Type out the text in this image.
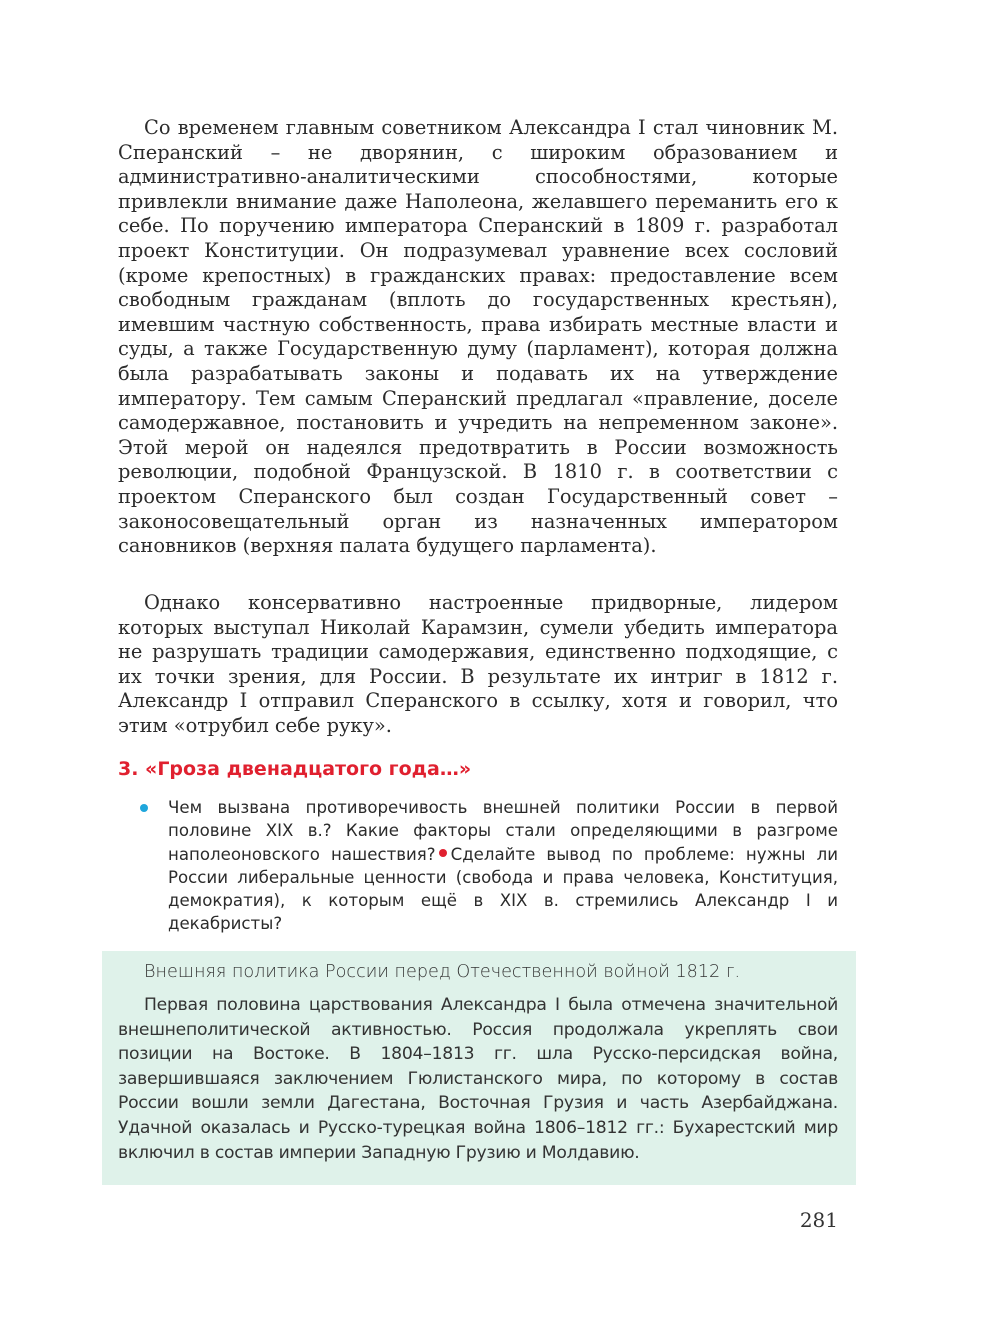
Со временем главным советником Александра I стал чиновник М. Сперанский – не дворянин, с широким образованием и административно-аналитическими способностями, которые привлекли внимание даже Наполеона, желавшего переманить его к себе. По поручению императора Сперанский в 1809 г. разработал проект Конституции. Он подразумевал уравнение всех сословий (кроме крепостных) в гражданских правах: предоставление всем свободным гражданам (вплоть до государственных крестьян), имевшим частную собственность, права избирать местные власти и суды, а также Государственную думу (парламент), которая должна была разрабатывать законы и подавать их на утверждение императору. Тем самым Сперанский предлагал «правление, доселе самодержавное, постановить и учредить на непременном законе». Этой мерой он надеялся предотвратить в России возможность революции, подобной Французской. В 1810 г. в соответствии с проектом Сперанского был создан Государственный совет – законосовещательный орган из назначенных императором сановников (верхняя палата будущего парламента).

Однако консервативно настроенные придворные, лидером которых выступал Николай Карамзин, сумели убедить императора не разрушать традиции самодержавия, единственно подходящие, с их точки зрения, для России. В результате их интриг в 1812 г. Александр I отправил Сперанского в ссылку, хотя и говорил, что этим «отрубил себе руку».

3. «Гроза двенадцатого года…»
Чем вызвана противоречивость внешней политики России в первой половине XIX в.? Какие факторы стали определяющими в разгроме наполеоновского нашествия? Сделайте вывод по проблеме: нужны ли России либеральные ценности (свобода и права человека, Конституция, демократия), к которым ещё в XIX в. стремились Александр I и декабристы?

Внешняя политика России перед Отечественной войной 1812 г.

Первая половина царствования Александра I была отмечена значительной внешнеполитической активностью. Россия продолжала укреплять свои позиции на Востоке. В 1804–1813 гг. шла Русско-персидская война, завершившаяся заключением Гюлистанского мира, по которому в состав России вошли земли Дагестана, Восточная Грузия и часть Азербайджана. Удачной оказалась и Русско-турецкая война 1806–1812 гг.: Бухарестский мир включил в состав империи Западную Грузию и Молдавию.

281
